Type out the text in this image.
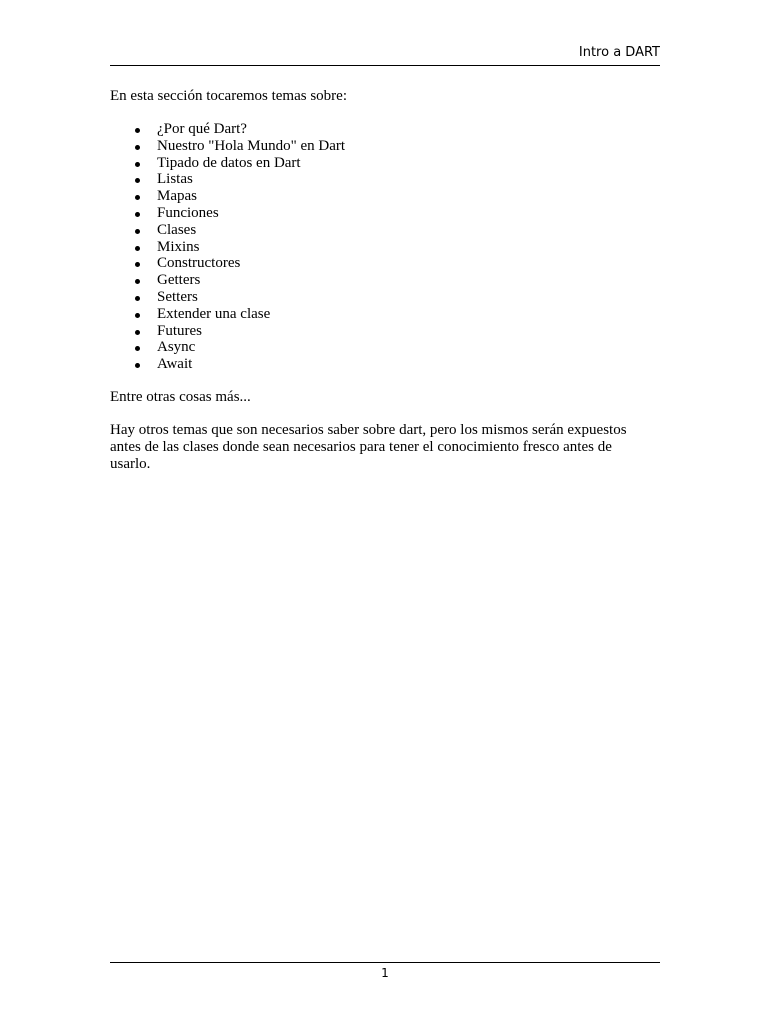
Intro a DART

En esta sección tocaremos temas sobre:

¿Por qué Dart?
Nuestro "Hola Mundo" en Dart
Tipado de datos en Dart
Listas
Mapas
Funciones
Clases
Mixins
Constructores
Getters
Setters
Extender una clase
Futures
Async
Await

Entre otras cosas más...

Hay otros temas que son necesarios saber sobre dart, pero los mismos serán expuestos antes de las clases donde sean necesarios para tener el conocimiento fresco antes de usarlo.

1
